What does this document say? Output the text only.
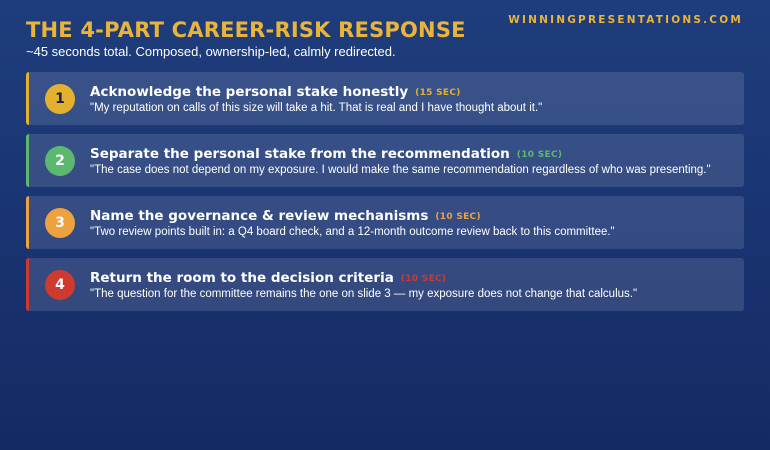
THE 4-PART CAREER-RISK RESPONSE
~45 seconds total. Composed, ownership-led, calmly redirected.
WINNINGPRESENTATIONS.COM
1	Acknowledge the personal stake honestly (15 SEC)
"My reputation on calls of this size will take a hit. That is real and I have thought about it."
2	Separate the personal stake from the recommendation (10 SEC)
"The case does not depend on my exposure. I would make the same recommendation regardless of who was presenting."
3	Name the governance & review mechanisms (10 SEC)
"Two review points built in: a Q4 board check, and a 12-month outcome review back to this committee."
4	Return the room to the decision criteria (10 SEC)
"The question for the committee remains the one on slide 3 — my exposure does not change that calculus."
